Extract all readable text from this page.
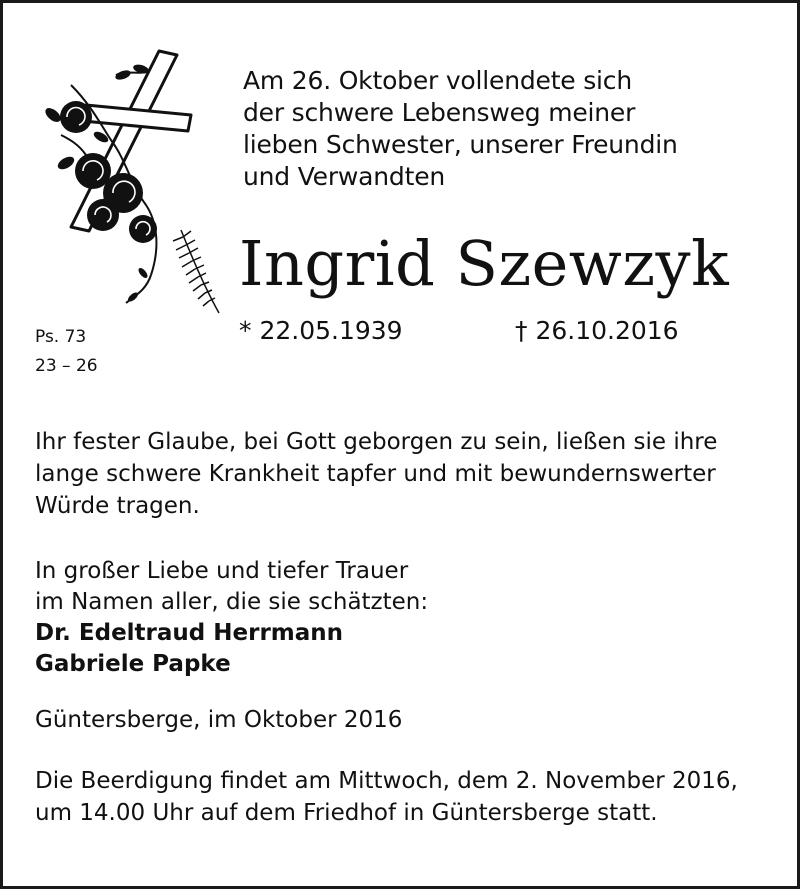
Am 26. Oktober vollendete sich
der schwere Lebensweg meiner
lieben Schwester, unserer Freundin
und Verwandten
Ingrid Szewzyk
* 22.05.1939	† 26.10.2016
Ps. 73
23 – 26
Ihr fester Glaube, bei Gott geborgen zu sein, ließen sie ihre
lange schwere Krankheit tapfer und mit bewundernswerter
Würde tragen.
In großer Liebe und tiefer Trauer
im Namen aller, die sie schätzten:
Dr. Edeltraud Herrmann
Gabriele Papke
Güntersberge, im Oktober 2016
Die Beerdigung findet am Mittwoch, dem 2. November 2016,
um 14.00 Uhr auf dem Friedhof in Güntersberge statt.
